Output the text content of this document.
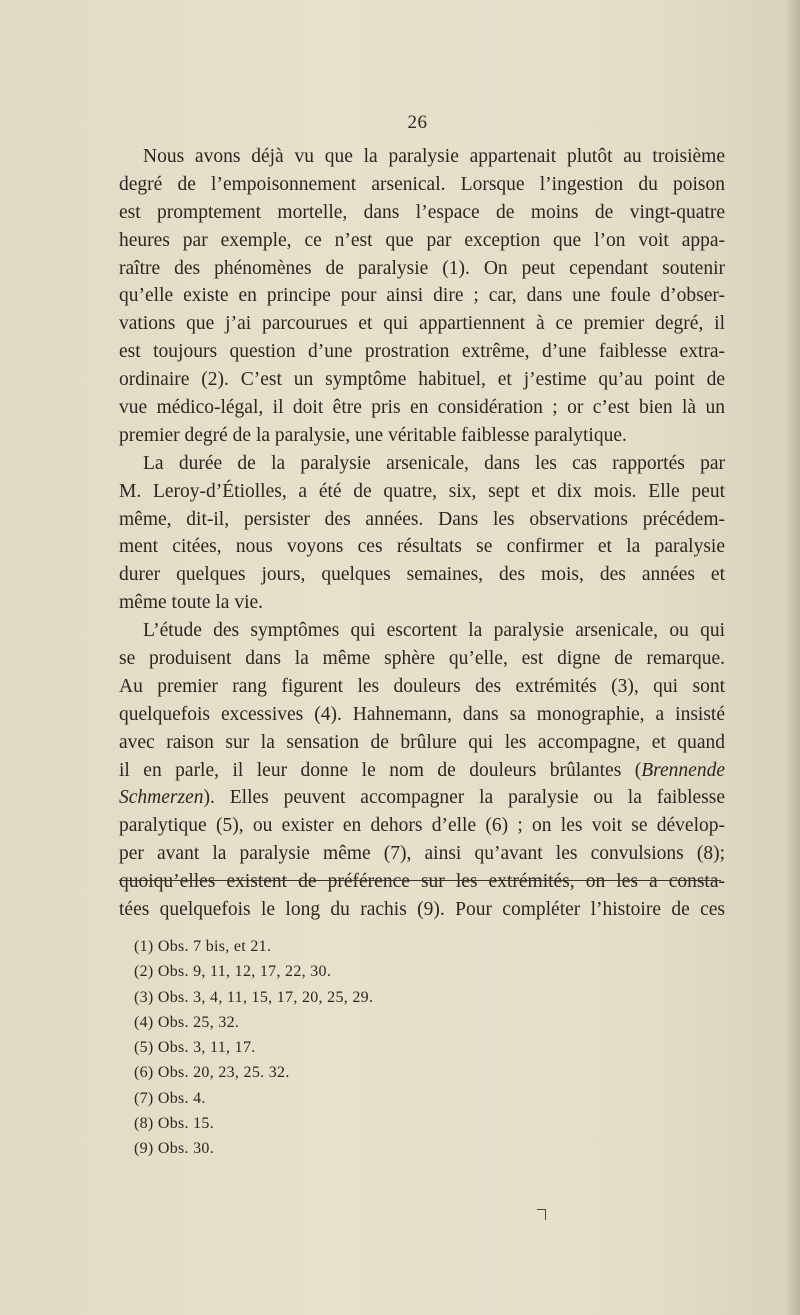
26
Nous avons déjà vu que la paralysie appartenait plutôt au troisième
degré de l’empoisonnement arsenical. Lorsque l’ingestion du poison
est promptement mortelle, dans l’espace de moins de vingt-quatre
heures par exemple, ce n’est que par exception que l’on voit appa-
raître des phénomènes de paralysie (1). On peut cependant soutenir
qu’elle existe en principe pour ainsi dire ; car, dans une foule d’obser-
vations que j’ai parcourues et qui appartiennent à ce premier degré, il
est toujours question d’une prostration extrême, d’une faiblesse extra-
ordinaire (2). C’est un symptôme habituel, et j’estime qu’au point de
vue médico-légal, il doit être pris en considération ; or c’est bien là un
premier degré de la paralysie, une véritable faiblesse paralytique.
La durée de la paralysie arsenicale, dans les cas rapportés par
M. Leroy-d’Étiolles, a été de quatre, six, sept et dix mois. Elle peut
même, dit-il, persister des années. Dans les observations précédem-
ment citées, nous voyons ces résultats se confirmer et la paralysie
durer quelques jours, quelques semaines, des mois, des années et
même toute la vie.
L’étude des symptômes qui escortent la paralysie arsenicale, ou qui
se produisent dans la même sphère qu’elle, est digne de remarque.
Au premier rang figurent les douleurs des extrémités (3), qui sont
quelquefois excessives (4). Hahnemann, dans sa monographie, a insisté
avec raison sur la sensation de brûlure qui les accompagne, et quand
il en parle, il leur donne le nom de douleurs brûlantes (Brennende
Schmerzen). Elles peuvent accompagner la paralysie ou la faiblesse
paralytique (5), ou exister en dehors d’elle (6) ; on les voit se dévelop-
per avant la paralysie même (7), ainsi qu’avant les convulsions (8);
quoiqu’elles existent de préférence sur les extrémités, on les a consta-
tées quelquefois le long du rachis (9). Pour compléter l’histoire de ces
(1) Obs. 7 bis, et 21.
(2) Obs. 9, 11, 12, 17, 22, 30.
(3) Obs. 3, 4, 11, 15, 17, 20, 25, 29.
(4) Obs. 25, 32.
(5) Obs. 3, 11, 17.
(6) Obs. 20, 23, 25. 32.
(7) Obs. 4.
(8) Obs. 15.
(9) Obs. 30.
